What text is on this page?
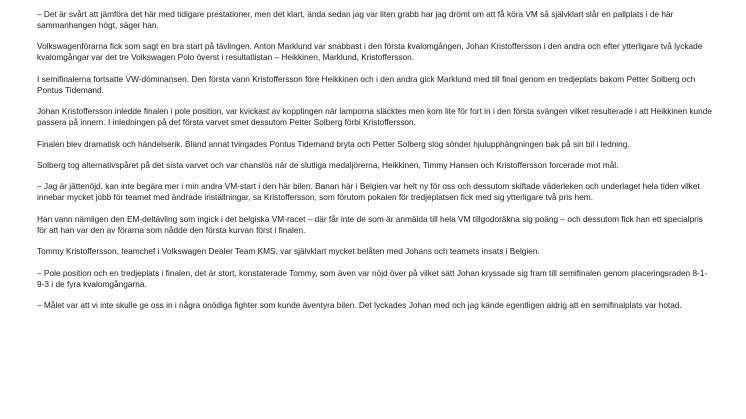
– Det är svårt att jämföra det här med tidigare prestationer, men det klart, ända sedan jag var liten grabb har jag drömt om att få köra VM så självklart slår en pallplats i de här sammanhangen högt, säger han.

Volkswagenförarna fick som sagt en bra start på tävlingen. Anton Marklund var snabbast i den första kvalomgången, Johan Kristoffersson i den andra och efter ytterligare två lyckade kvalomgångar var det tre Volkswagen Polo överst i resultatlistan – Heikkinen, Marklund, Kristoffersson.

I semifinalerna fortsatte VW-dominansen. Den första vann Kristoffersson före Heikkinen och i den andra gick Marklund med till final genom en tredjeplats bakom Petter Solberg och Pontus Tidemand.

Johan Kristoffersson inledde finalen i pole position, var kvickast av kopplingen när lamporna släcktes men kom lite för fort in i den första svängen vilket resulterade i att Heikkinen kunde passera på innern. I inledningen på det första varvet smet dessutom Petter Solberg förbi Kristoffersson.

Finalen blev dramatisk och händelserik. Bland annat tvingades Pontus Tidemand bryta och Petter Solberg slog sönder hjulupphängningen bak på sin bil i ledning.

Solberg tog alternativspåret på det sista varvet och var chanslös när de slutliga medaljörerna, Heikkinen, Timmy Hansen och Kristoffersson forcerade mot mål.

– Jag är jättenöjd, kan inte begära mer i min andra VM-start i den här bilen. Banan här i Belgien var helt ny för oss och dessutom skiftade väderleken och underlaget hela tiden vilket innebar mycket jobb för teamet med ändrade inställningar, sa Kristoffersson, som förutom pokalen för tredjeplatsen fick med sig ytterligare två pris hem.

Han vann nämligen den EM-deltävling som ingick i det belgiska VM-racet – där får inte de som är anmälda till hela VM tillgodoräkna sig poäng – och dessutom fick han ett specialpris för att han var den av förarna som nådde den första kurvan först i finalen.

Tommy Kristoffersson, teamchef i Volkswagen Dealer Team KMS, var självklart mycket belåten med Johans och teamets insats i Belgien.

– Pole position och en tredjeplats i finalen, det är stort, konstaterade Tommy, som även var nöjd över på vilket sätt Johan kryssade sig fram till semifinalen genom placeringsraden 8-1-9-3 i de fyra kvalomgångarna.

– Målet var att vi inte skulle ge oss in i några onödiga fighter som kunde äventyra bilen. Det lyckades Johan med och jag kände egentligen aldrig att en semifinalplats var hotad.
